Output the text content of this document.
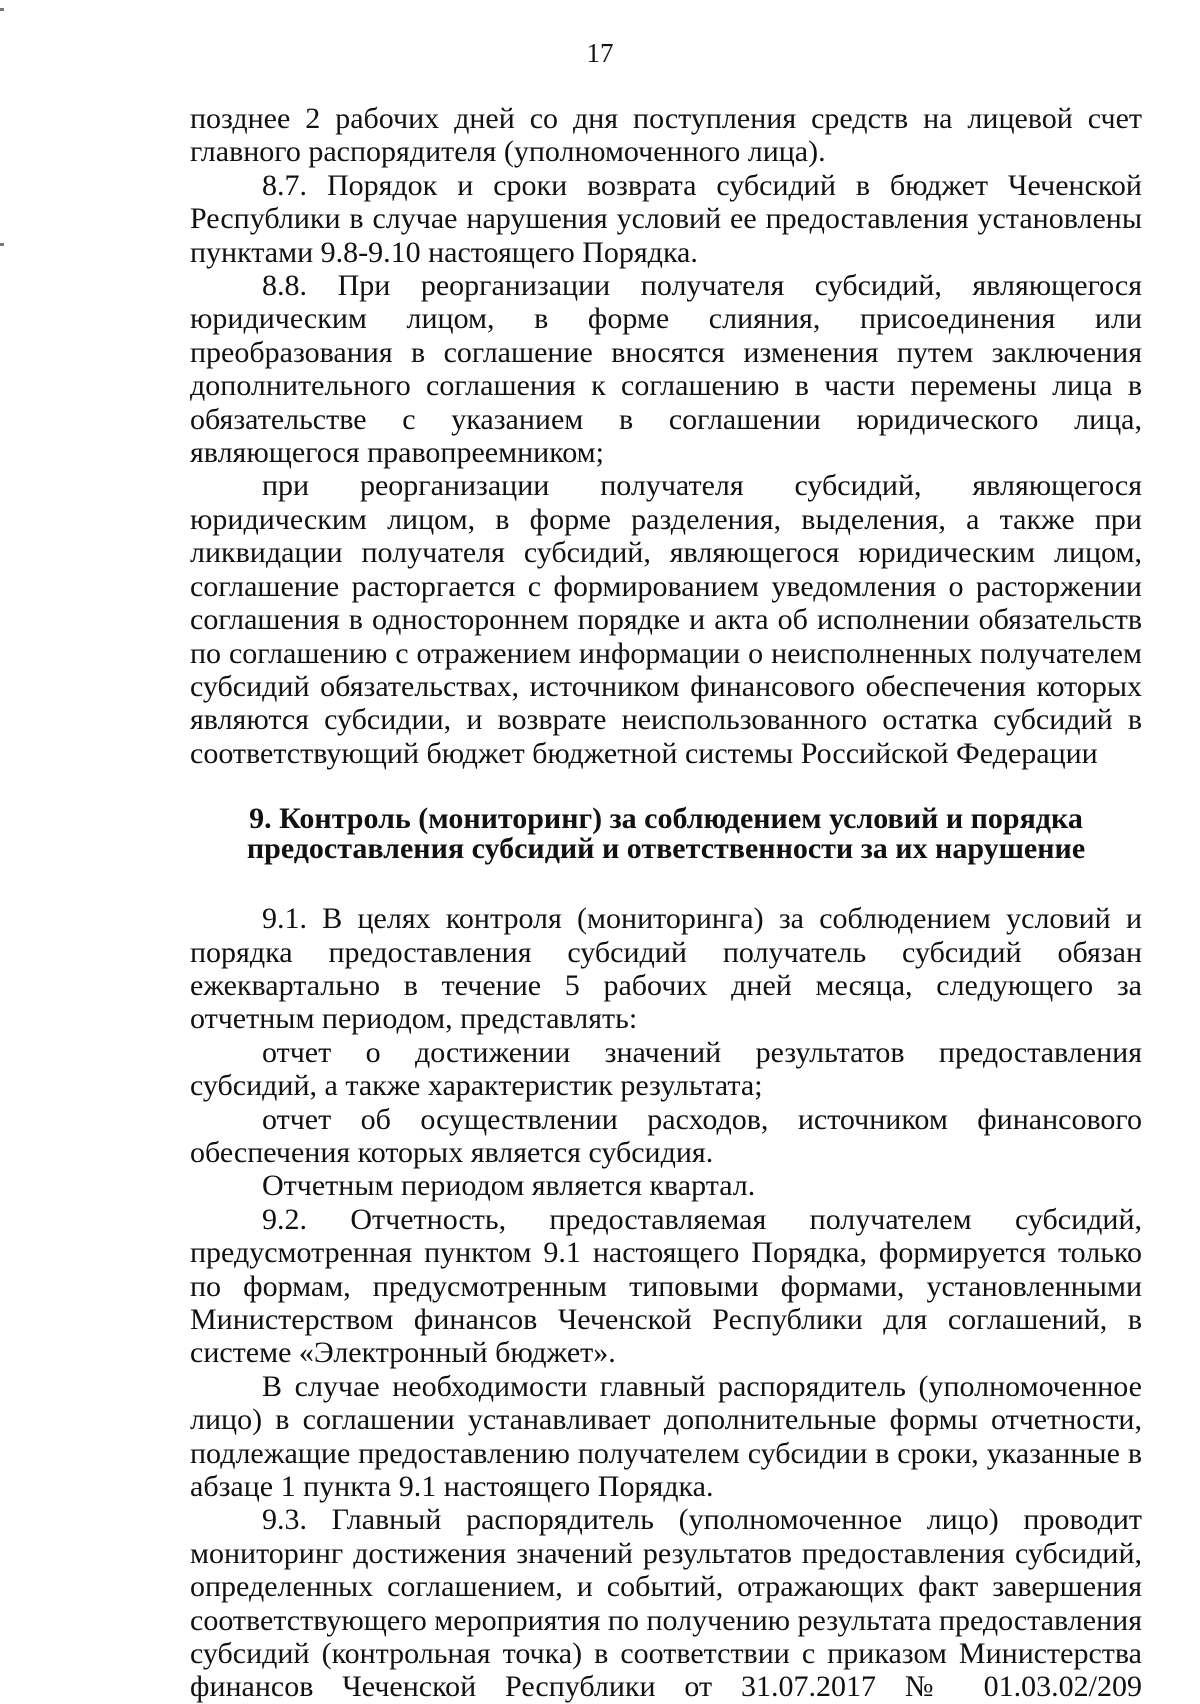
17

позднее 2 рабочих дней со дня поступления средств на лицевой счет главного распорядителя (уполномоченного лица).

8.7. Порядок и сроки возврата субсидий в бюджет Чеченской Республики в случае нарушения условий ее предоставления установлены пунктами 9.8-9.10 настоящего Порядка.

8.8. При реорганизации получателя субсидий, являющегося юридическим лицом, в форме слияния, присоединения или преобразования в соглашение вносятся изменения путем заключения дополнительного соглашения к соглашению в части перемены лица в обязательстве с указанием в соглашении юридического лица, являющегося правопреемником;

при реорганизации получателя субсидий, являющегося юридическим лицом, в форме разделения, выделения, а также при ликвидации получателя субсидий, являющегося юридическим лицом, соглашение расторгается с формированием уведомления о расторжении соглашения в одностороннем порядке и акта об исполнении обязательств по соглашению с отражением информации о неисполненных получателем субсидий обязательствах, источником финансового обеспечения которых являются субсидии, и возврате неиспользованного остатка субсидий в соответствующий бюджет бюджетной системы Российской Федерации

9. Контроль (мониторинг) за соблюдением условий и порядка
предоставления субсидий и ответственности за их нарушение

9.1. В целях контроля (мониторинга) за соблюдением условий и порядка предоставления субсидий получатель субсидий обязан ежеквартально в течение 5 рабочих дней месяца, следующего за отчетным периодом, представлять:

отчет о достижении значений результатов предоставления субсидий, а также характеристик результата;

отчет об осуществлении расходов, источником финансового обеспечения которых является субсидия.

Отчетным периодом является квартал.

9.2. Отчетность, предоставляемая получателем субсидий, предусмотренная пунктом 9.1 настоящего Порядка, формируется только по формам, предусмотренным типовыми формами, установленными Министерством финансов Чеченской Республики для соглашений, в системе «Электронный бюджет».

В случае необходимости главный распорядитель (уполномоченное лицо) в соглашении устанавливает дополнительные формы отчетности, подлежащие предоставлению получателем субсидии в сроки, указанные в абзаце 1 пункта 9.1 настоящего Порядка.

9.3. Главный распорядитель (уполномоченное лицо) проводит мониторинг достижения значений результатов предоставления субсидий, определенных соглашением, и событий, отражающих факт завершения соответствующего мероприятия по получению результата предоставления субсидий (контрольная точка) в соответствии с приказом Министерства финансов Чеченской Республики от 31.07.2017 № 01.03.02/209
